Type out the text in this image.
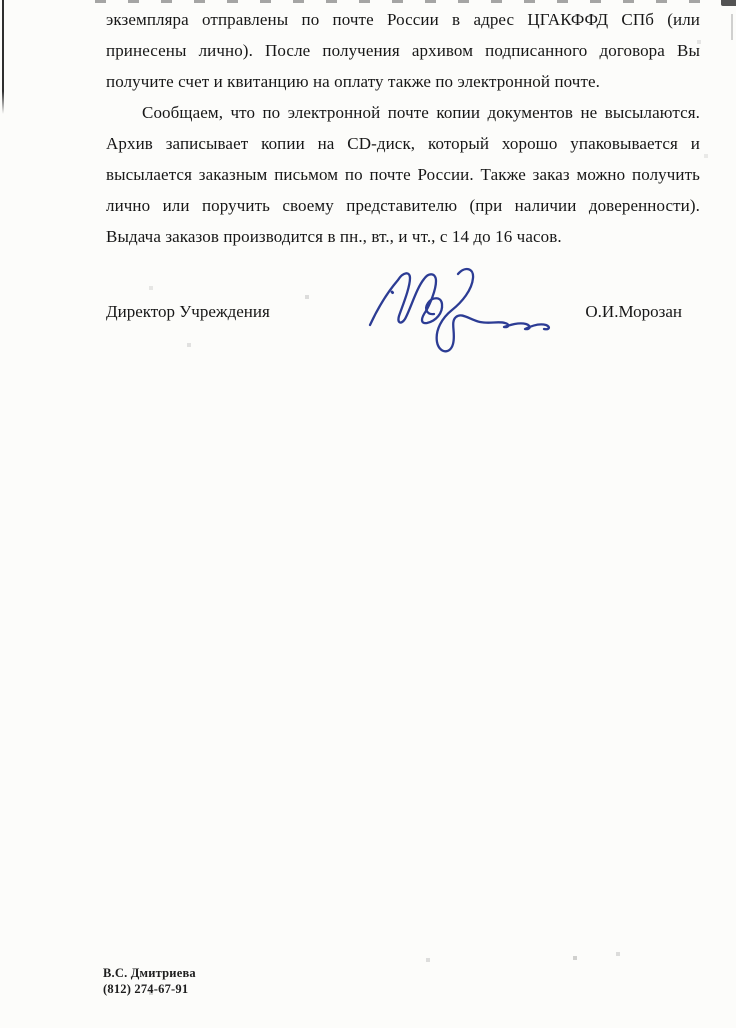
экземпляра отправлены по почте России в адрес ЦГАКФФД СПб (или
принесены лично). После получения архивом подписанного договора Вы
получите счет и квитанцию на оплату также по электронной почте.
Сообщаем, что по электронной почте копии документов не высылаются.
Архив записывает копии на CD-диск, который хорошо упаковывается и
высылается заказным письмом по почте России. Также заказ можно получить
лично или поручить своему представителю (при наличии доверенности).
Выдача заказов производится в пн., вт., и чт., с 14 до 16 часов.
Директор Учреждения	О.И.Морозан
В.С. Дмитриева
(812) 274-67-91
